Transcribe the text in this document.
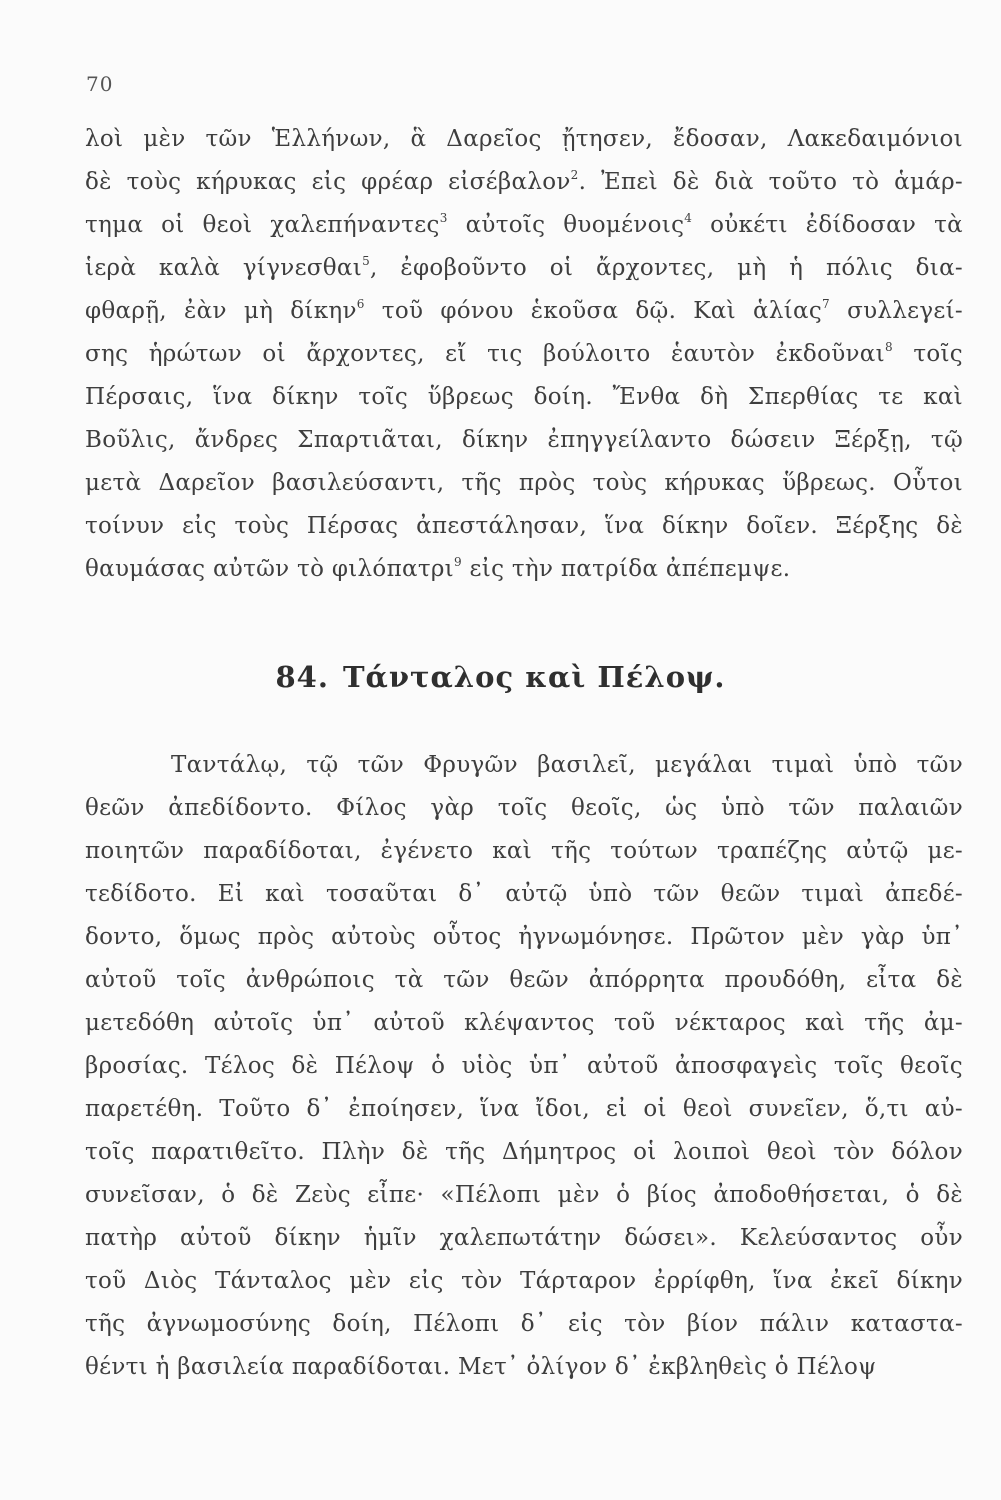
70
λοὶ μὲν τῶν Ἑλλήνων, ἃ Δαρεῖος ᾔτησεν, ἔδοσαν, Λακεδαιμόνιοι
δὲ τοὺς κήρυκας εἰς φρέαρ εἰσέβαλον$^2$. Ἐπεὶ δὲ διὰ τοῦτο τὸ ἁμάρ-
τημα οἱ θεοὶ χαλεπήναντες$^3$ αὐτοῖς θυομένοις$^4$ οὐκέτι ἐδίδοσαν τὰ
ἱερὰ καλὰ γίγνεσθαι$^5$, ἐφοβοῦντο οἱ ἄρχοντες, μὴ ἡ πόλις δια-
φθαρῇ, ἐὰν μὴ δίκην$^6$ τοῦ φόνου ἑκοῦσα δῷ. Καὶ ἁλίας$^7$ συλλεγεί-
σης ἡρώτων οἱ ἄρχοντες, εἴ τις βούλοιτο ἑαυτὸν ἐκδοῦναι$^8$ τοῖς
Πέρσαις, ἵνα δίκην τοῖς ὕβρεως δοίη. Ἔνθα δὴ Σπερθίας τε καὶ
Βοῦλις, ἄνδρες Σπαρτιᾶται, δίκην ἐπηγγείλαντο δώσειν Ξέρξῃ, τῷ
μετὰ Δαρεῖον βασιλεύσαντι, τῆς πρὸς τοὺς κήρυκας ὕβρεως. Οὗτοι
τοίνυν εἰς τοὺς Πέρσας ἀπεστάλησαν, ἵνα δίκην δοῖεν. Ξέρξης δὲ
θαυμάσας αὐτῶν τὸ φιλόπατρι$^9$ εἰς τὴν πατρίδα ἀπέπεμψε.
84. Τάνταλος καὶ Πέλοψ.
Ταντάλῳ, τῷ τῶν Φρυγῶν βασιλεῖ, μεγάλαι τιμαὶ ὑπὸ τῶν
θεῶν ἀπεδίδοντο. Φίλος γὰρ τοῖς θεοῖς, ὡς ὑπὸ τῶν παλαιῶν
ποιητῶν παραδίδοται, ἐγένετο καὶ τῆς τούτων τραπέζης αὐτῷ με-
τεδίδοτο. Εἰ καὶ τοσαῦται δ᾽ αὐτῷ ὑπὸ τῶν θεῶν τιμαὶ ἀπεδέ-
δοντο, ὅμως πρὸς αὐτοὺς οὗτος ἠγνωμόνησε. Πρῶτον μὲν γὰρ ὑπ᾽
αὐτοῦ τοῖς ἀνθρώποις τὰ τῶν θεῶν ἀπόρρητα προυδόθη, εἶτα δὲ
μετεδόθη αὐτοῖς ὑπ᾽ αὐτοῦ κλέψαντος τοῦ νέκταρος καὶ τῆς ἀμ-
βροσίας. Τέλος δὲ Πέλοψ ὁ υἱὸς ὑπ᾽ αὐτοῦ ἀποσφαγεὶς τοῖς θεοῖς
παρετέθη. Τοῦτο δ᾽ ἐποίησεν, ἵνα ἴδοι, εἰ οἱ θεοὶ συνεῖεν, ὅ,τι αὐ-
τοῖς παρατιθεῖτο. Πλὴν δὲ τῆς Δήμητρος οἱ λοιποὶ θεοὶ τὸν δόλον
συνεῖσαν, ὁ δὲ Ζεὺς εἶπε· «Πέλοπι μὲν ὁ βίος ἀποδοθήσεται, ὁ δὲ
πατὴρ αὐτοῦ δίκην ἡμῖν χαλεπωτάτην δώσει». Κελεύσαντος οὖν
τοῦ Διὸς Τάνταλος μὲν εἰς τὸν Τάρταρον ἐρρίφθη, ἵνα ἐκεῖ δίκην
τῆς ἀγνωμοσύνης δοίη, Πέλοπι δ᾽ εἰς τὸν βίον πάλιν καταστα-
θέντι ἡ βασιλεία παραδίδοται. Μετ᾽ ὀλίγον δ᾽ ἐκβληθεὶς ὁ Πέλοψ
